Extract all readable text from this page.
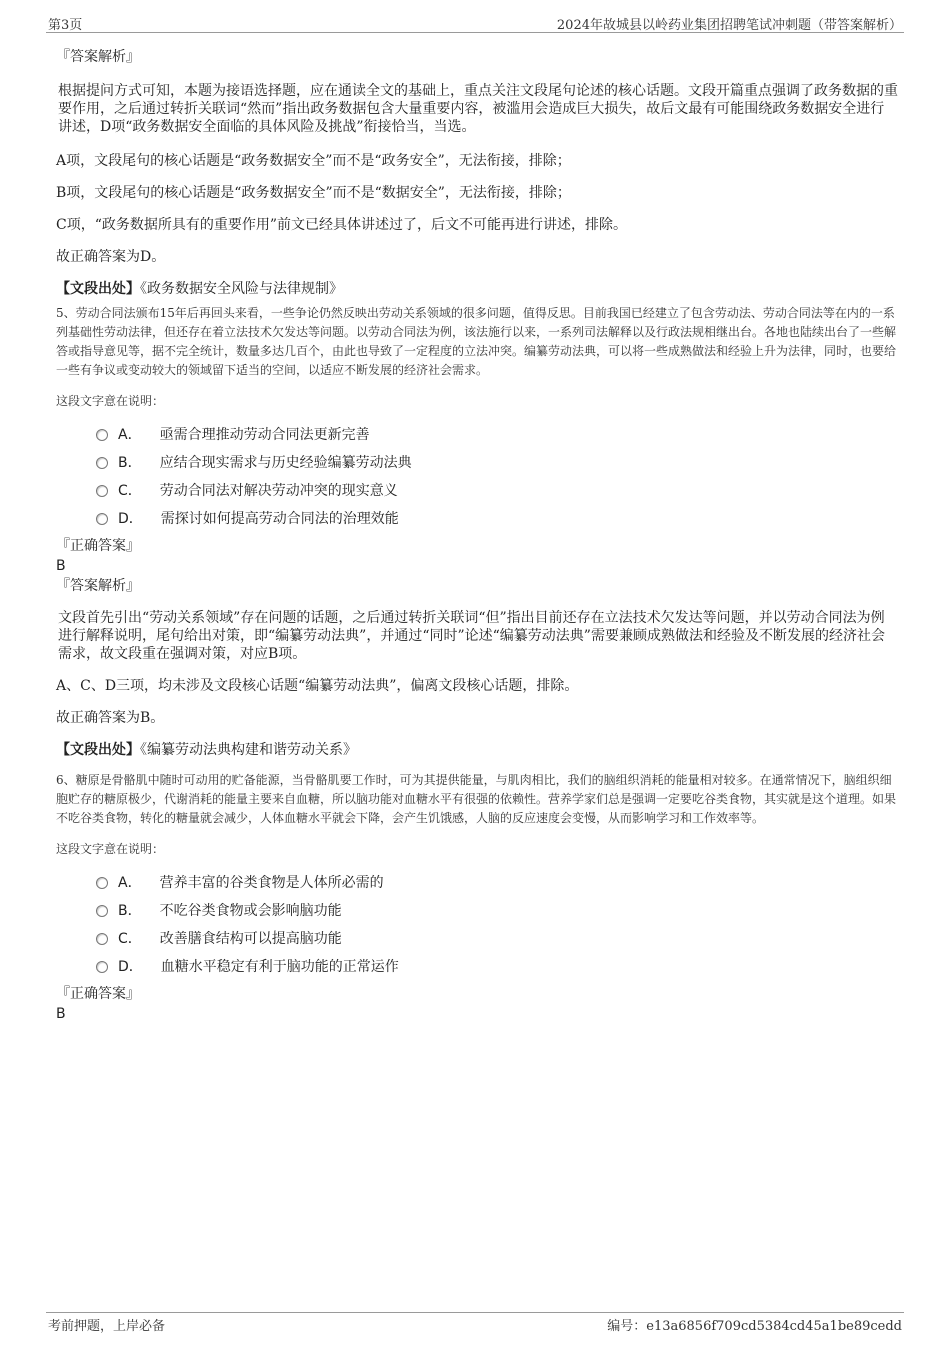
第3页	2024年故城县以岭药业集团招聘笔试冲刺题（带答案解析）

『答案解析』

根据提问方式可知，本题为接语选择题，应在通读全文的基础上，重点关注文段尾句论述的核心话题。文段开篇重点强调了政务数据的重要作用，之后通过转折关联词“然而”指出政务数据包含大量重要内容，被滥用会造成巨大损失，故后文最有可能围绕政务数据安全进行讲述，D项“政务数据安全面临的具体风险及挑战”衔接恰当，当选。

A项，文段尾句的核心话题是“政务数据安全”而不是“政务安全”，无法衔接，排除；

B项，文段尾句的核心话题是“政务数据安全”而不是“数据安全”，无法衔接，排除；

C项，“政务数据所具有的重要作用”前文已经具体讲述过了，后文不可能再进行讲述，排除。

故正确答案为D。

【文段出处】《政务数据安全风险与法律规制》

5、劳动合同法颁布15年后再回头来看，一些争论仍然反映出劳动关系领域的很多问题，值得反思。目前我国已经建立了包含劳动法、劳动合同法等在内的一系列基础性劳动法律，但还存在着立法技术欠发达等问题。以劳动合同法为例，该法施行以来，一系列司法解释以及行政法规相继出台。各地也陆续出台了一些解答或指导意见等，据不完全统计，数量多达几百个，由此也导致了一定程度的立法冲突。编纂劳动法典，可以将一些成熟做法和经验上升为法律，同时，也要给一些有争议或变动较大的领域留下适当的空间，以适应不断发展的经济社会需求。

这段文字意在说明：

A． 亟需合理推动劳动合同法更新完善
B． 应结合现实需求与历史经验编纂劳动法典
C． 劳动合同法对解决劳动冲突的现实意义
D． 需探讨如何提高劳动合同法的治理效能

『正确答案』

B

『答案解析』

文段首先引出“劳动关系领域”存在问题的话题，之后通过转折关联词“但”指出目前还存在立法技术欠发达等问题，并以劳动合同法为例进行解释说明，尾句给出对策，即“编纂劳动法典”，并通过“同时”论述“编纂劳动法典”需要兼顾成熟做法和经验及不断发展的经济社会需求，故文段重在强调对策，对应B项。

A、C、D三项，均未涉及文段核心话题“编纂劳动法典”，偏离文段核心话题，排除。

故正确答案为B。

【文段出处】《编纂劳动法典构建和谐劳动关系》

6、糖原是骨骼肌中随时可动用的贮备能源，当骨骼肌要工作时，可为其提供能量，与肌肉相比，我们的脑组织消耗的能量相对较多。在通常情况下，脑组织细胞贮存的糖原极少，代谢消耗的能量主要来自血糖，所以脑功能对血糖水平有很强的依赖性。营养学家们总是强调一定要吃谷类食物，其实就是这个道理。如果不吃谷类食物，转化的糖量就会减少，人体血糖水平就会下降，会产生饥饿感，人脑的反应速度会变慢，从而影响学习和工作效率等。

这段文字意在说明：

A． 营养丰富的谷类食物是人体所必需的
B． 不吃谷类食物或会影响脑功能
C． 改善膳食结构可以提高脑功能
D． 血糖水平稳定有利于脑功能的正常运作

『正确答案』

B

考前押题，上岸必备	编号：e13a6856f709cd5384cd45a1be89cedd
